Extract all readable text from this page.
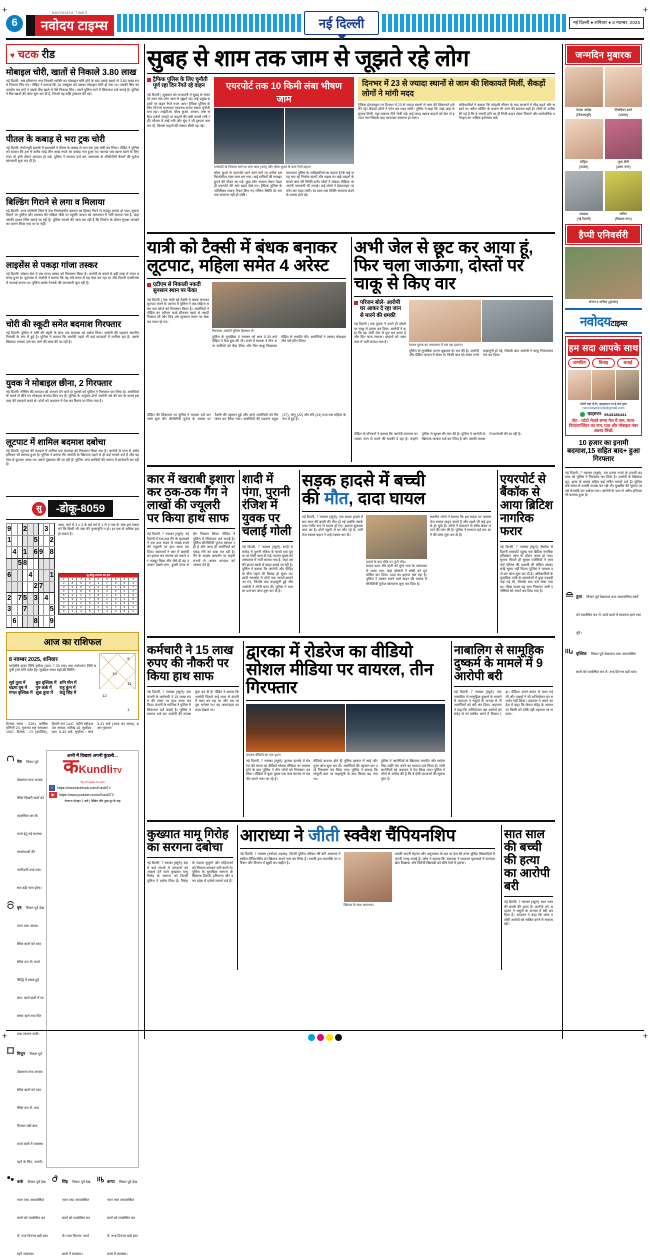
+	+
6
NAVODAYA TIMES
नवोदय टाइम्स	नई दिल्ली	नई दिल्ली ● शनिवार ● 8 नवम्बर, 2025
♥ चटक रीड
मोबाइल चोरी, खातों से निकाले 3.80 लाख
नई दिल्ली: अब हरियाणा नगर निवासी व्यक्ति का मोबाइल चोरी होने के बाद उसके खातों से 3.80 लाख रुपये निकाल लिए गए। पीड़ित ने बताया कि 16 अक्टूबर को उसका मोबाइल चोरी हो गया था। उसकी सिम का उपयोग कर ठगों ने उसके बैंक खाते से पैसे निकाल लिए। उसने पुलिस थाने में शिकायत दर्ज कराई है। पुलिस ने बैंक खातों की जांच शुरू कर दी है, जिनमें यह राशि ट्रांसफर की गई।
पीतल के कबाड़ से भरा ट्रक चोरी
नई दिल्ली: मंगोलपुरी इलाके में बदमाशों ने पीतल के कबाड़ से भरा एक ट्रक चोरी कर लिया। पीड़ित ने पुलिस को बताया कि ट्रक में करीब साढ़े तीन लाख रुपये का कबाड़ भरा हुआ था। चालक जब खाना खाने के लिए रुका तो इसी दौरान वारदात हो गई। पुलिस ने मामला दर्ज कर आसपास के सीसीटीवी कैमरों की फुटेज खंगालनी शुरू कर दी है।
बिल्डिंग गिराने से लगा व मिलाया
नई दिल्ली: उत्तर पश्चिमी जिले में एक निर्माणाधीन इमारत का हिस्सा गिरने से मजदूर घायल हो गया। सूचना मिलने पर पुलिस और दमकल की गाड़ियां मौके पर पहुंचीं। घायल को अस्पताल में भर्ती कराया गया है, जहां उसकी हालत स्थिर बताई जा रही है। पुलिस मामले की जांच कर रही है कि निर्माण के दौरान सुरक्षा मानकों का पालन किया गया था या नहीं।
लाइसेंस से पकड़ा गांजा तस्कर
नई दिल्ली: स्पेशल सेल ने एक गांजा तस्कर को गिरफ्तार किया है। आरोपी के कब्जे से बड़ी मात्रा में गांजा बरामद हुआ है। पूछताछ में आरोपी ने बताया कि वह लंबे समय से यह धंधा कर रहा था और दिल्ली एनसीआर में सप्लाई करता था। पुलिस उसके नेटवर्क की जानकारी जुटा रही है।
चोरी की स्कूटी समेत बदमाश गिरफ्तार
नई दिल्ली: पुलिस ने चोरी की स्कूटी के साथ एक बदमाश को दबोच लिया। आरोपी की पहचान स्थानीय निवासी के रूप में हुई है। पुलिस ने बताया कि आरोपी पहले भी कई वारदातों में शामिल रहा है। उसके खिलाफ मामला दर्ज कर आगे की जांच की जा रही है।
युवक ने मोबाइल छीना, 2 गिरफ्तार
नई दिल्ली: स्नैचिंग की वारदात को अंजाम देने वाले दो युवकों को पुलिस ने गिरफ्तार कर लिया है। आरोपियों के कब्जे से छीने गए मोबाइल बरामद किए गए हैं। पुलिस के अनुसार दोनों आरोपी नशे की लत के चलते इस तरह की वारदातें करते थे। दोनों को अदालत में पेश कर रिमांड पर लिया गया है।
लूटपाट में शामिल बदमाश दबोचा
नई दिल्ली: लूटपाट की वारदात में शामिल एक बदमाश को गिरफ्तार किया गया है। आरोपी के पास से अवैध हथियार भी बरामद हुआ है। पुलिस ने बताया कि आरोपी के खिलाफ पहले से ही कई मामले दर्ज हैं और वह जेल से छूटकर आया था। उससे पूछताछ की जा रही है। पुलिस अन्य साथियों की तलाश में छापेमारी कर रही है।
सु	-डोकू-8059
9			2				3	
1					5			2
	4		1		6	9		8
		5	8					
6				4				1
					2	7		
2		7	5		3		4	
3			7					5
	6				8			9
आज़, चार्ट में 3 x 3 के बड़े वर्ग में 1 से 9 तक के अंक इस प्रकार भरें कि किसी भी अंक की पुनरावृत्ति न हो। हर एक से अधिक हल हो सकते हैं।
सु-डोकू-8058 का हल
1	4	7	9	6	5	8	2	3
2	8	5	3	1	7	9	6	4
3	6	9	2	4	8	1	5	7
4	7	8	6	9	3	5	1	2
5	2	3	4	8	1	6	7	9
6	9	1	7	5	2	3	4	8
7	1	2	8	3	6	4	9	5
8	5	6	1	2	9	7	3	1
9	3	4	5	7	4	2	8	6
आज का राशिफल
8 नवम्बर 2025, शनिवार
मार्गशीर्ष कृष्ण तिथि तृतीया (प्रात: 7.33 तक) तथा तदोपरांत तिथि चतुर्थी (जो रात्रि पर्यंत है)। सूर्योदय समय ग्रहों की स्थिति :
सूर्य तुला में
चंद्रमा वृष में
मंगल वृश्चिक में
बुध वृश्चिक में
गुरु कर्क में
शुक्र तुला में
शनि मीन में
राहु कुंभ में
केतु सिंह में
9
10
11
12
1
दिनांक समय : 2261, वार्षिक योगिनी 23, गुजरात राष्ट्र सम्वत्सर 1947, दिनांक : 07 (कार्तिक), हिजरी सन 1447, महीने रबीऊल उस अव्वल, तारीख 16, सूर्योदय : प्रात: 6.33 बजे, सूर्यास्त : सायं 5.31 बजे (आज का समय), शक्ल गुजरात
मेष विचार पूर्व देखभाल तथा अव्यवस्थित बिखरी बातों को व्यवस्थित कर लें। कार्य हेतु नई समस्या व्यवस्थाओं की भागीदारी तथा व्यवस्था बढ़ी चला होगा।
वृष विचार पूर्व देखभाल तथा अव्यवस्थित बातों को व्यवस्थित कर लें। कार्य सिद्धि में प्रसन्न हुई बात, कार्य बातों में व्यवस्था रहने तथा दिन तथा सामान जारी।
मिथुन विचार पूर्व देखभाल तथा अव्यवस्थित बातों को व्यवस्थित कर लें, तथा दिनभर बड़ी बात, कार्य बातों में व्यवस्था रहने के लिए, अपनी।
अभी में दिखाएं अपनी कुंडली...
कKundliTV
My Punjabi Kundli
f	https://www.facebook.com/KundliTv
▶	https://www.youtube.com/c/KundliTV
रोजाना दोपहर 1 बजे | देखिए और दुख दूर के सह
कर्क विचार पूर्व देखभाल तथा अव्यवस्थित बातों को व्यवस्थित कर लें, तथा दिनभर बड़ी बात रहने व्यवस्था।
सिंह विचार पूर्व देखभाल तथा अव्यवस्थित बातों को व्यवस्थित कर लें। तथा दिनभर, कार्य बातों में व्यवस्था।
कन्या विचार पूर्व देखभाल तथा अव्यवस्थित बातों को व्यवस्थित कर लें, तथा दिनभर बड़ी बात कार्य में व्यवस्था।
सुबह से शाम तक जाम से जूझते रहे लोग
ट्रैफिक पुलिस के लिए चुनौती पूर्ण रहा दिन रेंगते रहे वाहन
नई दिल्ली | शुक्रवार को राजधानी में सुबह से लेकर देर शाम तक लोग जाम से जूझते रहे। कई प्रमुख सड़कों पर वाहन रेंगते नजर आए। ट्रैफिक पुलिस के लिए दिनभर यातायात व्यवस्था बनाए रखना चुनौती बना रहा। आईटीओ, धौला कुआं, आश्रम, एम्स सहित दर्जनों जगहों पर वाहनों की लंबी कतारें लगी रहीं। मौसम में आई नमी और धुंध ने भी दृश्यता कम कर दी, जिससे वाहनों की रफ्तार धीमी पड़ गई।
एयरपोर्ट तक 10 किमी लंबा भीषण जाम
एयरपोर्ट के निकास मार्ग पर लगा जाम (दाएं) और धौला कुआं के पास रेंगते वाहन।
धौला कुआं से एयरपोर्ट जाने वाले मार्ग पर करीब दस किलोमीटर लंबा जाम लग गया। कई यात्रियों की फ्लाइट छूटने की नौबत आ गई। कुछ लोग सामान लेकर पैदल ही एयरपोर्ट की ओर बढ़ते देखे गए। ट्रैफिक पुलिस के अतिरिक्त जवान तैनात किए गए लेकिन स्थिति देर रात तक सामान्य नहीं हो सकी।
यातायात पुलिस के अधिकारियों का कहना है कि कई जगह चल रहे निर्माण कार्यों और सड़क पर खड़े वाहनों के चलते जाम की स्थिति बनी। लोगों ने सोशल मीडिया पर अपनी नाराजगी भी जताई। कई लोगों ने हेल्पलाइन पर फोन कर मदद मांगी। देर शाम तक स्थिति सामान्य करने के प्रयास होते रहे।
दिनभर में 23 से ज्यादा स्थानों से जाम की शिकायतें मिलीं, सैकड़ों लोगों ने मांगी मदद
ट्रैफिक हेल्पलाइन पर दिनभर में 23 से ज्यादा स्थानों से जाम की शिकायतें दर्ज की गईं। सैकड़ों लोगों ने फोन कर मदद मांगी। पुलिस ने कहा कि जहां-जहां से सूचना मिली, वहां तत्काल टीमें भेजी गईं। कई जगह खराब वाहनों को क्रेन से हटाया गया जिसके बाद यातायात सामान्य हो सका।
अधिकारियों ने बताया कि त्योहारी सीजन के बाद बाजारों में भीड़ बढ़ने और सड़कों पर अवैध पार्किंग के कारण भी जाम की समस्या बढ़ी है। लोगों से अपील की गई है कि वे जरूरी होने पर ही निजी वाहन लेकर निकलें और सार्वजनिक परिवहन का अधिक इस्तेमाल करें।
यात्री को टैक्सी में बंधक बनाकर लूटपाट, महिला समेत 4 अरेस्ट
एटीएम से निकाली नकदी सुनसान स्थान पर फेंका
नई दिल्ली | एक यात्री को टैक्सी में बंधक बनाकर लूटपाट करने के आरोप में पुलिस ने एक महिला समेत चार लोगों को गिरफ्तार किया है। आरोपियों ने पीड़ित का एटीएम कार्ड छीनकर खाते से नकदी निकाल ली और फिर उसे सुनसान स्थान पर फेंक कर फरार हो गए।
गिरफ्तार आरोपी पुलिस हिरासत में।
पुलिस के मुताबिक 5 नवम्बर को शाम 5.30 बजे पीड़ित ने कैब बुक की थी। रास्ते में चालक ने तीन अन्य साथियों को बैठा लिया और फिर चाकू दिखाकर पीड़ित से मारपीट की। आरोपियों ने उसका मोबाइल और पर्स छीन लिया।
पीड़ित की शिकायत पर पुलिस ने मामला दर्ज कर जांच शुरू की। सीसीटीवी फुटेज के आधार पर टैक्सी की पहचान हुई और चारों आरोपियों को गिरफ्तार कर लिया गया। आरोपियों की पहचान राहुल (27), सोनू (22) और रवि (24) तथा एक महिला के रूप में हुई है।
अभी जेल से छूट कर आया हूं, फिर चला जाऊंगा, दोस्तों पर चाकू से किए वार
परिजन बोले- आरोपी घर आकर दे रहा जान से मारने की धमकी
नई दिल्ली | एक युवक ने अपने ही दोस्तों पर चाकू से हमला कर दिया। आरोपी ने कहा कि वह अभी जेल से छूट कर आया है और फिर चला जाएगा। घायलों को अस्पताल में भर्ती कराया गया है।
घायल युवक का अस्पताल में चल रहा इलाज।
पुलिस के मुताबिक घटना शुक्रवार देर रात की है। आरोपी और पीड़ित आपस में दोस्त थे। किसी बात को लेकर उनमें कहासुनी हो गई, जिसके बाद आरोपी ने चाकू निकालकर वार कर दिया।
पीड़ित के परिजनों ने बताया कि आरोपी लगातार घर आकर जान से मारने की धमकी दे रहा है। उन्होंने पुलिस से सुरक्षा की मांग की है। पुलिस ने आरोपी के खिलाफ मामला दर्ज कर लिया है और उसकी तलाश में छापेमारी की जा रही है।
कार में खराबी इशारा कर ठक-ठक गैंग ने लाखों की ज्यूलरी पर किया हाथ साफ
नई दिल्ली, 7 नवम्बर (ब्यूरो): नई दिल्ली में ठक-ठक गैंग के बदमाशों ने एक कार सवार से लाखों रुपये की ज्यूलरी पर हाथ साफ कर दिया। बदमाशों ने कार में खराबी का इशारा कर चालक को रुकने पर मजबूर किया और जैसे ही वह उतरकर देखने लगा, दूसरी तरफ से बैग निकाल लिया। पीड़ित ने पुलिस में शिकायत दर्ज कराई है। पुलिस सीसीटीवी फुटेज खंगाल रही है और जल्द ही आरोपियों को पकड़ लेने का दावा कर रही है। गैंग के सदस्य आमतौर पर बाहरी राज्यों से आकर वारदात को अंजाम देते हैं।
शादी में पंगा, पुरानी रंजिश में युवक पर चलाई गोली
नई दिल्ली, 7 नवम्बर (ब्यूरो): शादी समारोह में पुरानी रंजिश के चलते एक युवक पर गोली चला दी गई। घायल युवक को अस्पताल में भर्ती कराया गया है, जहां उसकी हालत खतरे से बाहर बताई जा रही है। पुलिस ने बताया कि आरोपी और पीड़ित के बीच पहले भी विवाद हो चुका था। शादी समारोह में दोनों पक्ष आमने-सामने आ गए, जिसके बाद कहासुनी हुई और आरोपी ने गोली चला दी। पुलिस ने मामला दर्ज कर जांच शुरू कर दी है।
सड़क हादसे में बच्ची
की मौत, दादा घायल
नई दिल्ली, 7 नवम्बर (ब्यूरो): एक सड़क हादसे में चार साल की बच्ची की मौत हो गई जबकि उसके दादा गंभीर रूप से घायल हो गए। हादसा शुक्रवार शाम का है। दोनों स्कूटी से घर लौट रहे थे, तभी तेज रफ्तार वाहन ने उन्हें टक्कर मार दी।
हादसे के बाद मौके पर जुटी भीड़।
घायल दादा और पोती को तुरंत पास के अस्पताल ले जाया गया, जहां डॉक्टरों ने बच्ची को मृत घोषित कर दिया। दादा का इलाज चल रहा है। पुलिस ने टक्कर मारने वाले वाहन की तलाश में सीसीटीवी फुटेज खंगालना शुरू कर दिया है।
स्थानीय लोगों ने बताया कि इस सड़क पर अक्सर तेज रफ्तार वाहन चलते हैं और पहले भी कई हादसे हो चुके हैं। लोगों ने प्रशासन से स्पीड ब्रेकर लगाने की मांग की है। पुलिस ने मामला दर्ज कर आगे की जांच शुरू कर दी है।
एयरपोर्ट से बैंकॉक से आया ब्रिटिश नागरिक फरार
नई दिल्ली, 7 नवम्बर (ब्यूरो): बैंकॉक से दिल्ली एयरपोर्ट पहुंचा एक ब्रिटिश नागरिक इमिग्रेशन जांच के दौरान फरार हो गया। सूचना मिलते ही सुरक्षा एजेंसियों ने एयरपोर्ट परिसर की तलाशी ली लेकिन उसका कोई सुराग नहीं मिला। पुलिस ने मामला दर्ज कर जांच शुरू कर दी है। अधिकारियों के मुताबिक यात्री के दस्तावेजों में कुछ गड़बड़ी पाई गई थी, जिसके बाद उसे रोका गया था। मौका पाकर वह भाग निकला। सभी एजेंसियों को अलर्ट कर दिया गया है।
कर्मचारी ने 15 लाख रुपए की नौकरी पर किया हाथ साफ
नई दिल्ली, 7 नवम्बर (ब्यूरो): एक कंपनी के कर्मचारी ने 15 लाख रुपये की रकम पर हाथ साफ कर दिया। कंपनी के मालिक ने पुलिस में शिकायत दर्ज कराई है। पुलिस ने मामला दर्ज कर आरोपी की तलाश शुरू कर दी है। पीड़ित ने बताया कि आरोपी पिछले कई साल से कंपनी में काम कर रहा था और उस पर पूरा भरोसा था। वह अकाउंट्स का काम देखता था।
द्वारका में रोडरेज का वीडियो सोशल मीडिया पर वायरल, तीन गिरफ्तार
वायरल वीडियो का एक दृश्य।
नई दिल्ली, 7 नवम्बर (ब्यूरो): द्वारका इलाके में रोडरेज की घटना का वीडियो सोशल मीडिया पर वायरल होने के बाद पुलिस ने तीन लोगों को गिरफ्तार कर लिया। वीडियो में कुछ युवक एक कार चालक से मारपीट करते नजर आ रहे हैं।
वीडियो वायरल होते ही पुलिस हरकत में आई और तुरंत जांच शुरू कर दी। आरोपियों की पहचान कर उन्हें गिरफ्तार कर लिया गया। पुलिस ने बताया कि मामूली बात पर कहासुनी के बाद विवाद बढ़ गया था।
पुलिस ने आरोपियों के खिलाफ मारपीट और सार्वजनिक शांति भंग करने का मामला दर्ज किया है। सभी आरोपियों को अदालत में पेश किया गया। पुलिस ने लोगों से अपील की है कि वे ऐसी घटनाओं की सूचना तुरंत दें।
नाबालिग से सामूहिक दुष्कर्म के मामले में 9 आरोपी बरी
नई दिल्ली, 7 नवम्बर (ब्यूरो): एक नाबालिग से सामूहिक दुष्कर्म के मामले में अदालत ने सबूतों के अभाव में नौ आरोपियों को बरी कर दिया। अदालत ने कहा कि अभियोजन पक्ष आरोपों को संदेह से परे साबित करने में विफल रहा। पीड़िता अपने बयान से पलट गई थी और गवाहों ने भी अभियोजन का समर्थन नहीं किया। अदालत ने अपने आदेश में कहा कि केवल संदेह के आधार पर किसी को दोषी नहीं ठहराया जा सकता।
कुख्यात मामू गिरोह का सरगना दबोचा
नई दिल्ली, 7 नवम्बर (ब्यूरो): देश में कई राज्यों में वारदातों को अंजाम देने वाले कुख्यात मामू गिरोह के सरगना को दिल्ली पुलिस ने दबोच लिया है। गिरोह के सदस्य बुजुर्गों और महिलाओं को निशाना बनाकर ठगी करते थे। पुलिस के मुताबिक सरगना के खिलाफ दिल्ली, हरियाणा और उत्तर प्रदेश में दर्जनों मामले दर्ज हैं।
आराध्या ने जीती स्क्वैश चैंपियनशिप
नई दिल्ली, 7 नवम्बर (नवोदय टाइम्स): दिल्ली पुलिस परिवार की बेटी आराध्या ने स्क्वैश चैंपियनशिप का खिताब अपने नाम कर लिया है। उसकी इस उपलब्धि पर परिवार और विभाग में खुशी का माहौल है।
खिताब के साथ आराध्या।
उसकी अपनी मेहनत और अनुशासन के बल पर देश की तरफ चुनिंदा खिलाड़ियों में अपनी जगह बनाई है। कोच ने बताया कि आराध्या ने फाइनल मुकाबले में शानदार खेल दिखाया और विरोधी खिलाड़ी को सीधे गेमों में हराया।
सात साल की बच्ची की हत्या का आरोपी बरी
नई दिल्ली, 7 नवम्बर (ब्यूरो): सात साल की बच्ची की हत्या के आरोपी को अदालत ने सबूतों के अभाव में बरी कर दिया है। अदालत ने कहा कि जांच एजेंसी आरोपों को साबित करने में नाकाम रही।
जन्मदिन मुबारक
वेदांश अरोड़ा
(विकासपुरी)
तिरुषिका शर्मा
(पालम)
मोहित
(पालम)
पूजा सैनी
(उत्तम नगर)
आकाश
(नई दिल्ली)
सचिन
(विकास नगर)
हैप्पी एनिवर्सरी
संजय व संगीता (द्वारका)
नवोदयटाइम्स
हम सदा आपके साथ
जन्मदिन	विवाह	बधाई
फोटो यहां भेजें | व्हाट्सएप या ई-मेल द्वारा
navodayanoida@gmail.com
व्हाट्सएप: 9643186441
नोट:- फोटो भेजते समय मेल में नाम, माता-पिता/गार्जियन का नाम, पता और मोबाइल नंबर अवश्य लिखें।
10 हजार का इनामी बदमाश,15 सहित बाद+ हुआ गिरफ्तार
नई दिल्ली, 7 नवम्बर (ब्यूरो): दस हजार रुपये के इनामी बदमाश को पुलिस ने गिरफ्तार कर लिया है। आरोपी के खिलाफ लूट, हत्या के प्रयास सहित कई संगीन मामले दर्ज हैं। पुलिस लंबे समय से उसकी तलाश कर रही थी। मुखबिर की सूचना पर उसे घेराबंदी कर दबोचा गया। आरोपी के पास से अवैध हथियार भी बरामद हुआ है।
तुला विचार पूर्व देखभाल तथा अव्यवस्थित बातों को व्यवस्थित कर लें, कार्य बातों में व्यवस्था रहने तथा पूरी।
वृश्चिक विचार पूर्व देखभाल तथा अव्यवस्थित बातों को व्यवस्थित कर लें, तथा दिनभर बड़ी बात।
+	+
